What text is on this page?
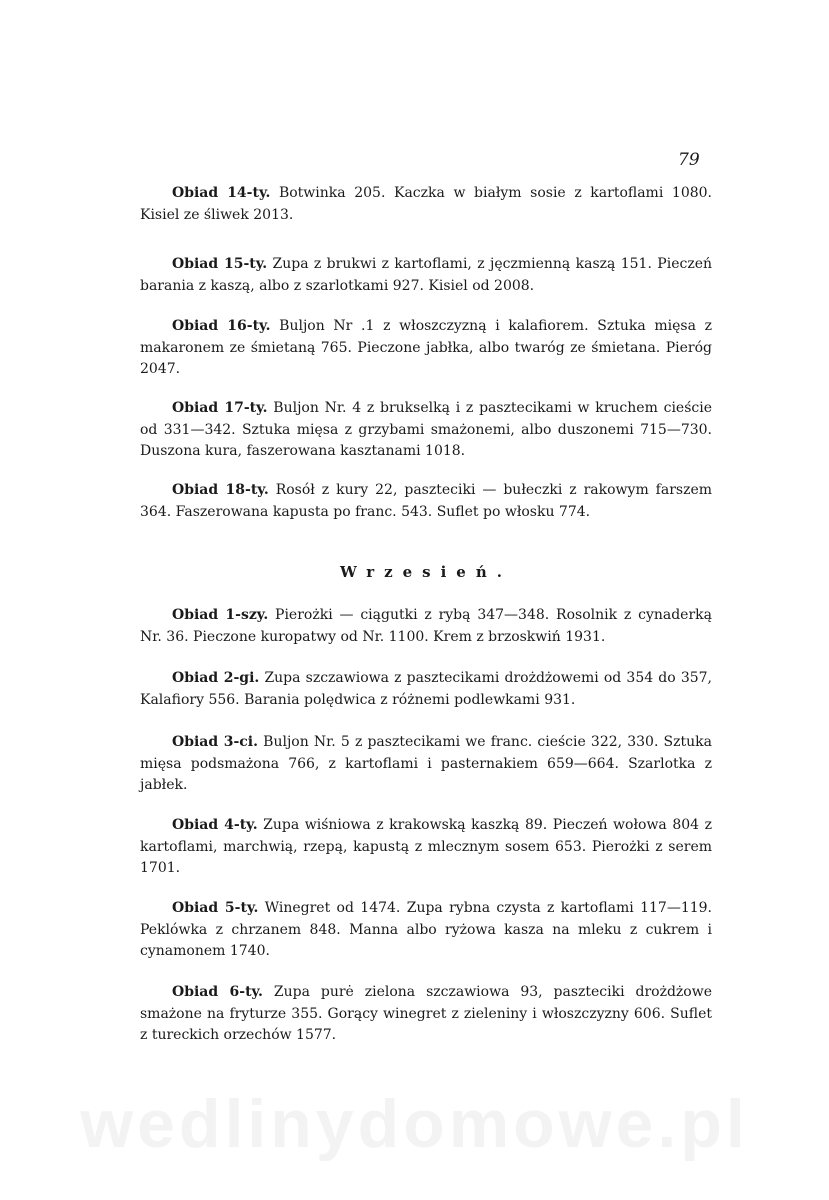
79

Obiad 14-ty. Botwinka 205. Kaczka w białym sosie z kartoflami 1080. Kisiel ze śliwek 2013.

Obiad 15-ty. Zupa z brukwi z kartoflami, z jęczmienną kaszą 151. Pieczeń barania z kaszą, albo z szarlotkami 927. Kisiel od 2008.

Obiad 16-ty. Buljon Nr .1 z włoszczyzną i kalafiorem. Sztuka mięsa z makaronem ze śmietaną 765. Pieczone jabłka, albo twaróg ze śmietana. Pieróg 2047.

Obiad 17-ty. Buljon Nr. 4 z brukselką i z pasztecikami w kruchem cieście od 331—342. Sztuka mięsa z grzybami smażonemi, albo duszonemi 715—730. Duszona kura, faszerowana kasztanami 1018.

Obiad 18-ty. Rosół z kury 22, paszteciki — bułeczki z rakowym farszem 364. Faszerowana kapusta po franc. 543. Suflet po włosku 774.

Wrzesień.

Obiad 1-szy. Pierożki — ciągutki z rybą 347—348. Rosolnik z cynaderką Nr. 36. Pieczone kuropatwy od Nr. 1100. Krem z brzoskwiń 1931.

Obiad 2-gi. Zupa szczawiowa z pasztecikami drożdżowemi od 354 do 357, Kalafiory 556. Barania polędwica z różnemi podlewkami 931.

Obiad 3-ci. Buljon Nr. 5 z pasztecikami we franc. cieście 322, 330. Sztuka mięsa podsmażona 766, z kartoflami i pasternakiem 659—664. Szarlotka z jabłek.

Obiad 4-ty. Zupa wiśniowa z krakowską kaszką 89. Pieczeń wołowa 804 z kartoflami, marchwią, rzepą, kapustą z mlecznym sosem 653. Pierożki z serem 1701.

Obiad 5-ty. Winegret od 1474. Zupa rybna czysta z kartoflami 117—119. Peklówka z chrzanem 848. Manna albo ryżowa kasza na mleku z cukrem i cynamonem 1740.

Obiad 6-ty. Zupa purė zielona szczawiowa 93, paszteciki drożdżowe smażone na fryturze 355. Gorący winegret z zieleniny i włoszczyzny 606. Suflet z tureckich orzechów 1577.

wedlinydomowe.pl
